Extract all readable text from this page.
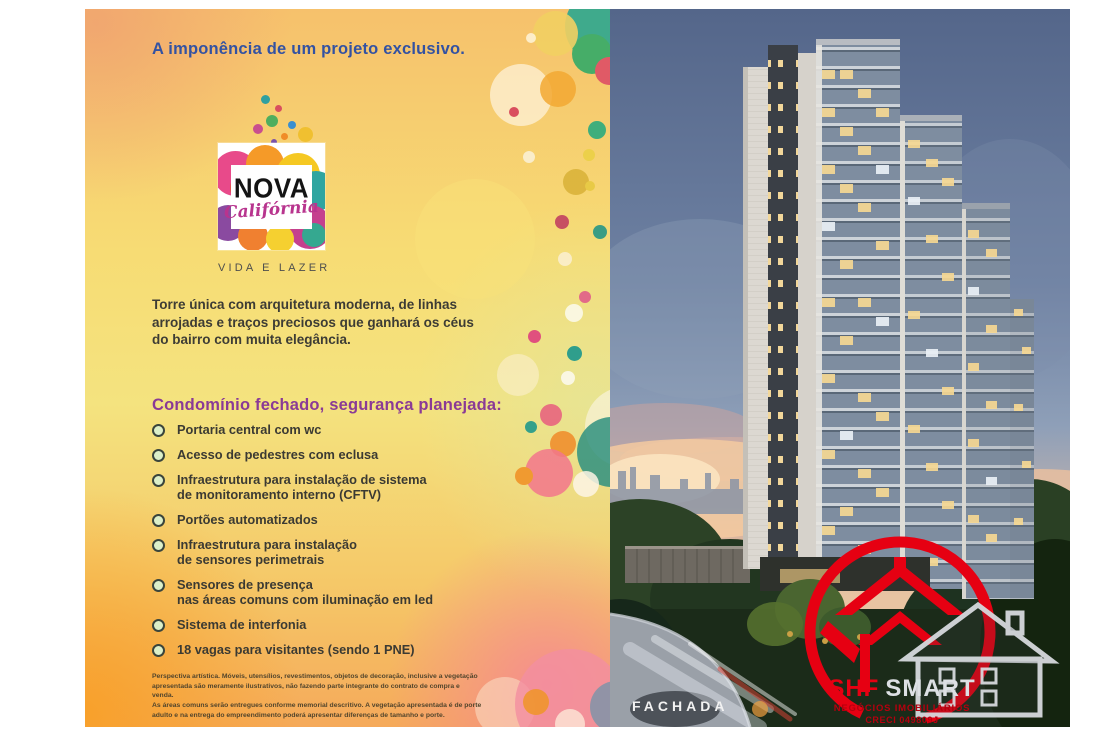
A imponência de um projeto exclusivo.
NOVA
Califórnia
VIDA E LAZER
Torre única com arquitetura moderna, de linhas
arrojadas e traços preciosos que ganhará os céus
do bairro com muita elegância.
Condomínio fechado, segurança planejada:
Portaria central com wc
Acesso de pedestres com eclusa
Infraestrutura para instalação de sistema
de monitoramento interno (CFTV)
Portões automatizados
Infraestrutura para instalação
de sensores perimetrais
Sensores de presença
nas áreas comuns com iluminação em led
Sistema de interfonia
18 vagas para visitantes (sendo 1 PNE)
Perspectiva artística. Móveis, utensílios, revestimentos, objetos de decoração, inclusive a vegetação
apresentada são meramente ilustrativos, não fazendo parte integrante do contrato de compra e venda.
As áreas comuns serão entregues conforme memorial descritivo. A vegetação apresentada é de porte
adulto e na entrega do empreendimento poderá apresentar diferenças de tamanho e porte.
FACHADA
SHF SMART
NEGÓCIOS IMOBILIÁRIOS
CRECI 049809J
